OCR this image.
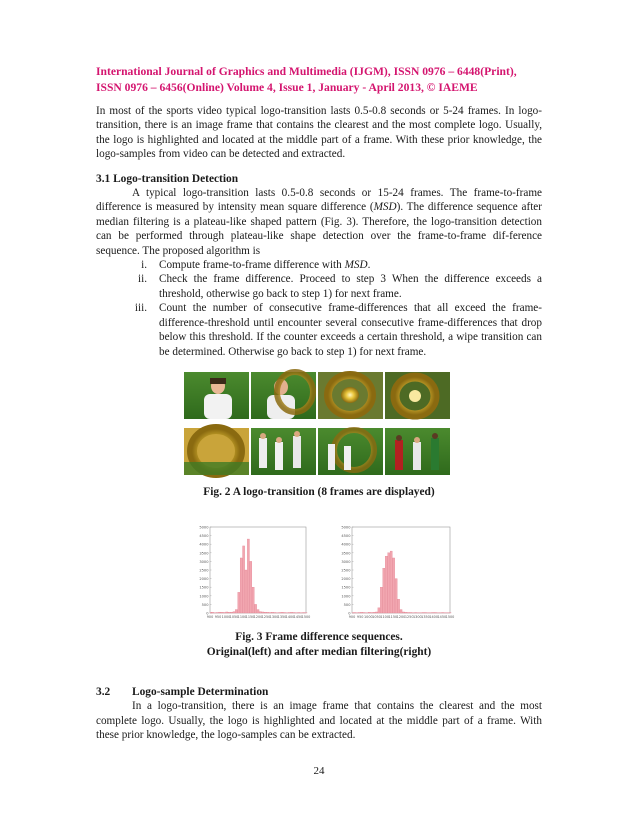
International Journal of Graphics and Multimedia (IJGM), ISSN 0976 – 6448(Print),
ISSN 0976 – 6456(Online) Volume 4, Issue 1, January - April 2013, © IAEME

In most of the sports video typical logo-transition lasts 0.5-0.8 seconds or 5-24 frames. In logo-transition, there is an image frame that contains the clearest and the most complete logo. Usually, the logo is highlighted and located at the middle part of a frame. With these prior knowledge, the logo-samples from video can be detected and extracted.

3.1 Logo-transition Detection

A typical logo-transition lasts 0.5-0.8 seconds or 15-24 frames. The frame-to-frame difference is measured by intensity mean square difference (MSD). The difference sequence after median filtering is a plateau-like shaped pattern (Fig. 3). Therefore, the logo-transition detection can be performed through plateau-like shape detection over the frame-to-frame dif-ference sequence. The proposed algorithm is

i. Compute frame-to-frame difference with MSD.
ii. Check the frame difference. Proceed to step 3 When the difference exceeds a threshold, otherwise go back to step 1) for next frame.
iii. Count the number of consecutive frame-differences that all exceed the frame-difference-threshold until encounter several consecutive frame-differences that drop below this threshold. If the counter exceeds a certain threshold, a wipe transition can be determined. Otherwise go back to step 1) for next frame.
Fig. 2 A logo-transition (8 frames are displayed)
5000
4500
4000
3500
3000
2500
2000
1500
1000
500
0
900 950 1000 1050 1100 1150 1200 1250 1300 1350 1400 1450 1500
5000
4500
4000
3500
3000
2500
2000
1500
1000
500
0
900 950 1000 1050 1100 1150 1200 1250 1300 1350 1400 1450 1500
Fig. 3 Frame difference sequences.
Original(left) and after median filtering(right)
3.2 Logo-sample Determination

In a logo-transition, there is an image frame that contains the clearest and the most complete logo. Usually, the logo is highlighted and located at the middle part of a frame. With these prior knowledge, the logo-samples can be extracted.

24
